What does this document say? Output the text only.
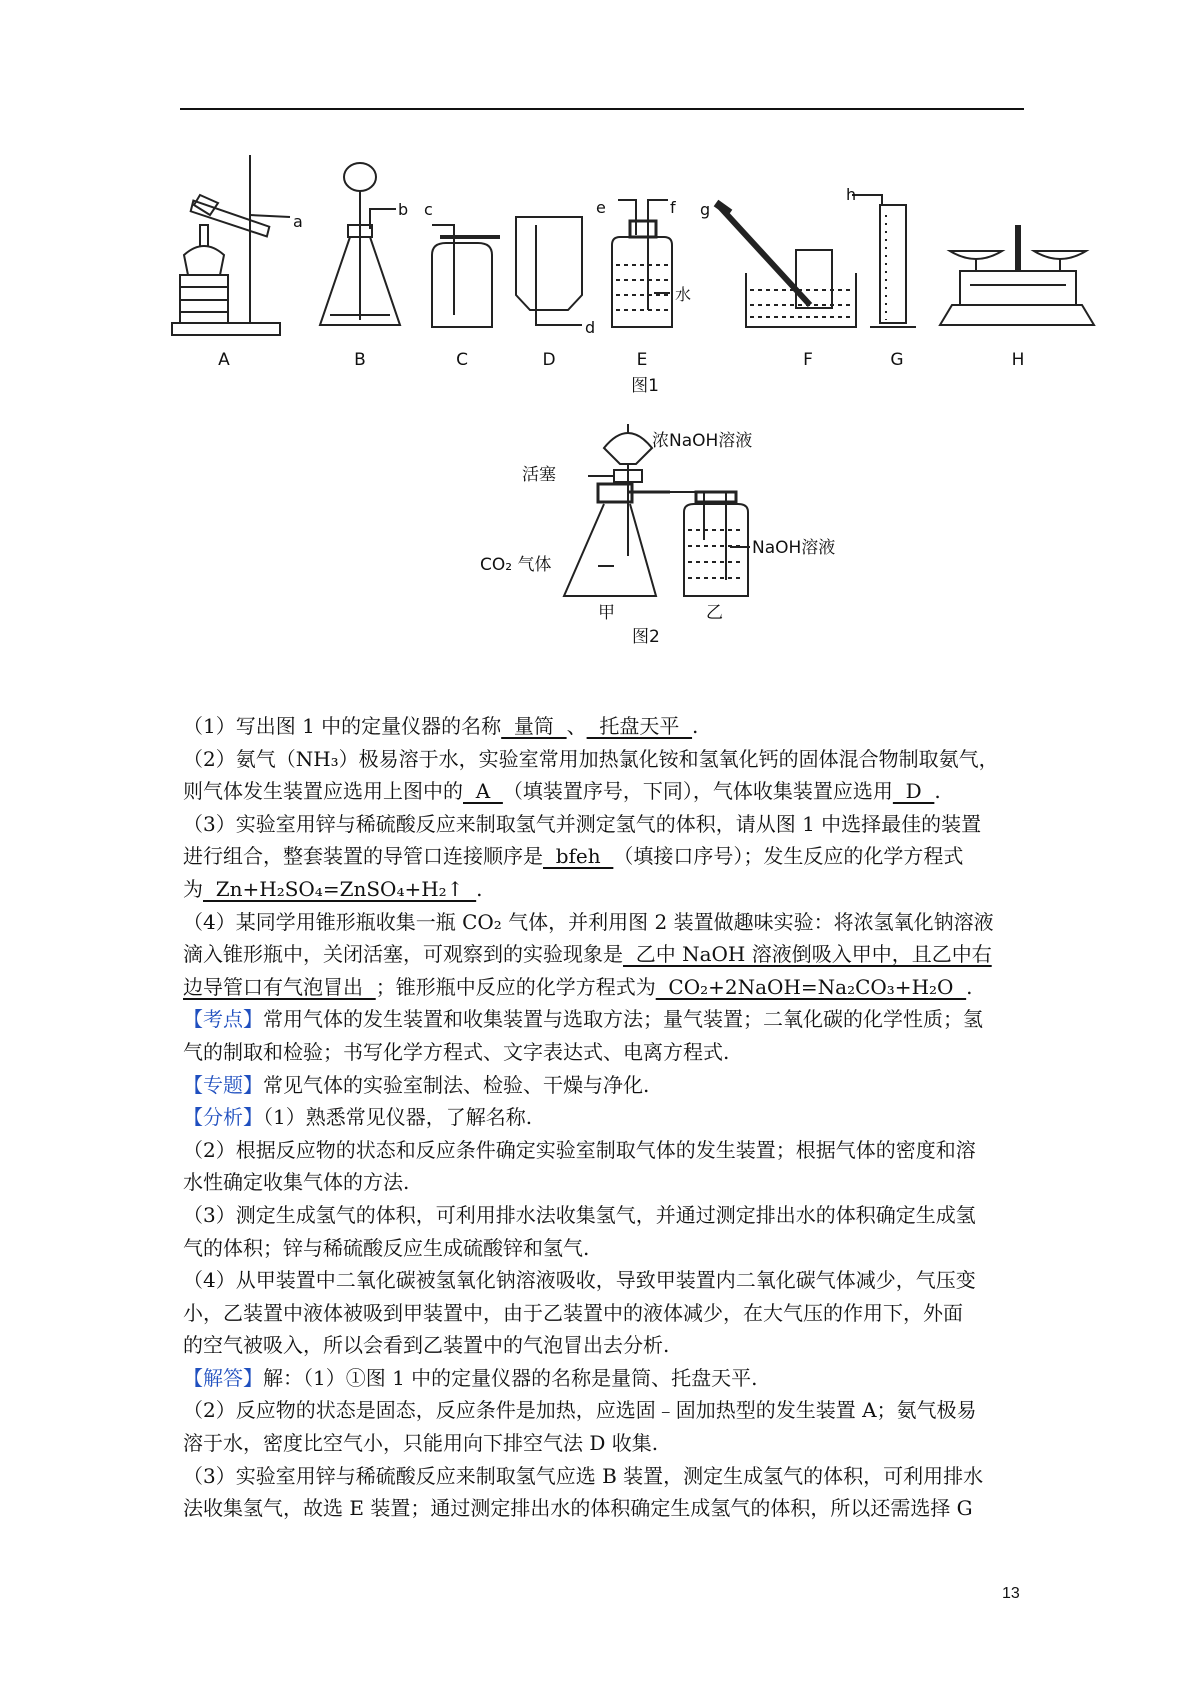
a
b c
d
e	f g
h
水
A	B	C	D	E	F	G	H
图1
浓NaOH溶液
活塞
CO₂ 气体
NaOH溶液
甲	乙
图2

（1）写出图 1 中的定量仪器的名称  量筒  、  托盘天平  .

（2）氨气（NH₃）极易溶于水，实验室常用加热氯化铵和氢氧化钙的固体混合物制取氨气，

则气体发生装置应选用上图中的  A  （填装置序号，下同），气体收集装置应选用  D  .

（3）实验室用锌与稀硫酸反应来制取氢气并测定氢气的体积，请从图 1 中选择最佳的装置

进行组合，整套装置的导管口连接顺序是  bfeh  （填接口序号）；发生反应的化学方程式

为  Zn+H₂SO₄=ZnSO₄+H₂↑  .

（4）某同学用锥形瓶收集一瓶 CO₂ 气体，并利用图 2 装置做趣味实验：将浓氢氧化钠溶液

滴入锥形瓶中，关闭活塞，可观察到的实验现象是  乙中 NaOH 溶液倒吸入甲中，且乙中右

边导管口有气泡冒出  ；锥形瓶中反应的化学方程式为  CO₂+2NaOH=Na₂CO₃+H₂O  .

【考点】常用气体的发生装置和收集装置与选取方法；量气装置；二氧化碳的化学性质；氢

气的制取和检验；书写化学方程式、文字表达式、电离方程式.

【专题】常见气体的实验室制法、检验、干燥与净化.

【分析】（1）熟悉常见仪器，了解名称.

（2）根据反应物的状态和反应条件确定实验室制取气体的发生装置；根据气体的密度和溶

水性确定收集气体的方法.

（3）测定生成氢气的体积，可利用排水法收集氢气，并通过测定排出水的体积确定生成氢

气的体积；锌与稀硫酸反应生成硫酸锌和氢气.

（4）从甲装置中二氧化碳被氢氧化钠溶液吸收，导致甲装置内二氧化碳气体减少，气压变

小，乙装置中液体被吸到甲装置中，由于乙装置中的液体减少，在大气压的作用下，外面

的空气被吸入，所以会看到乙装置中的气泡冒出去分析.

【解答】解：（1）①图 1 中的定量仪器的名称是量筒、托盘天平.

（2）反应物的状态是固态，反应条件是加热，应选固﹣固加热型的发生装置 A；氨气极易

溶于水，密度比空气小，只能用向下排空气法 D 收集.

（3）实验室用锌与稀硫酸反应来制取氢气应选 B 装置，测定生成氢气的体积，可利用排水

法收集氢气，故选 E 装置；通过测定排出水的体积确定生成氢气的体积，所以还需选择 G

13
